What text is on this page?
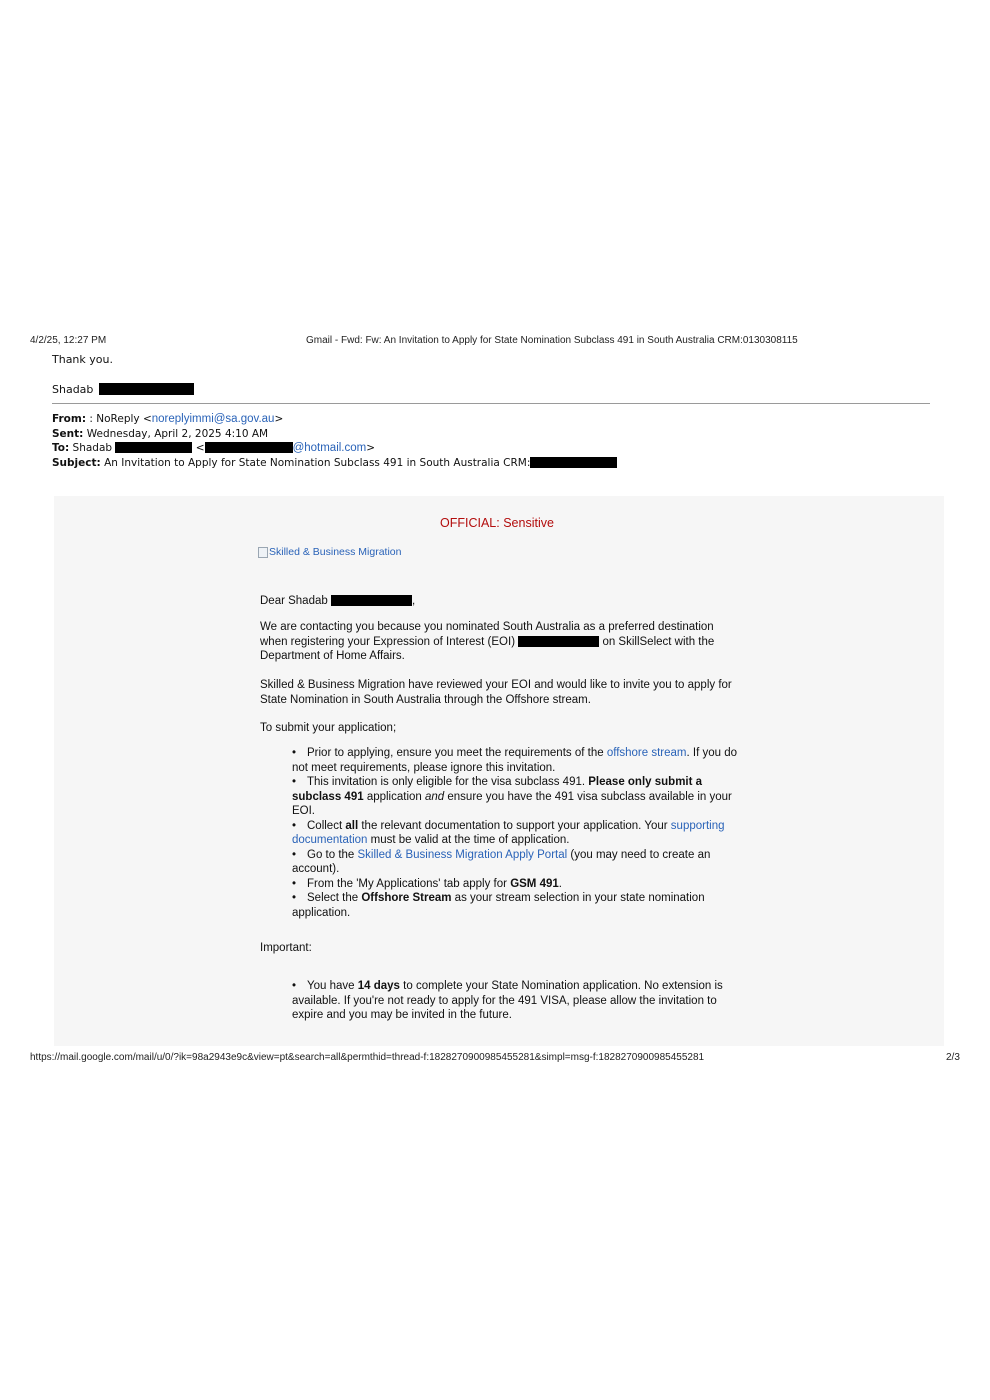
4/2/25, 12:27 PM	Gmail - Fwd: Fw: An Invitation to Apply for State Nomination Subclass 491 in South Australia CRM:0130308115
Thank you.
Shadab
From: : NoReply <noreplyimmi@sa.gov.au>
Sent: Wednesday, April 2, 2025 4:10 AM
To: Shadab	<	@hotmail.com>
Subject: An Invitation to Apply for State Nomination Subclass 491 in South Australia CRM:
OFFICIAL: Sensitive
Skilled & Business Migration
Dear Shadab	,
We are contacting you because you nominated South Australia as a preferred destination when registering your Expression of Interest (EOI)	on SkillSelect with the Department of Home Affairs.
Skilled & Business Migration have reviewed your EOI and would like to invite you to apply for State Nomination in South Australia through the Offshore stream.
To submit your application;
• Prior to applying, ensure you meet the requirements of the offshore stream. If you do not meet requirements, please ignore this invitation.
• This invitation is only eligible for the visa subclass 491. Please only submit a subclass 491 application and ensure you have the 491 visa subclass available in your EOI.
• Collect all the relevant documentation to support your application. Your supporting documentation must be valid at the time of application.
• Go to the Skilled & Business Migration Apply Portal (you may need to create an account).
• From the 'My Applications' tab apply for GSM 491.
• Select the Offshore Stream as your stream selection in your state nomination application.
Important:
• You have 14 days to complete your State Nomination application. No extension is available. If you're not ready to apply for the 491 VISA, please allow the invitation to expire and you may be invited in the future.
https://mail.google.com/mail/u/0/?ik=98a2943e9c&view=pt&search=all&permthid=thread-f:1828270900985455281&simpl=msg-f:1828270900985455281	2/3
